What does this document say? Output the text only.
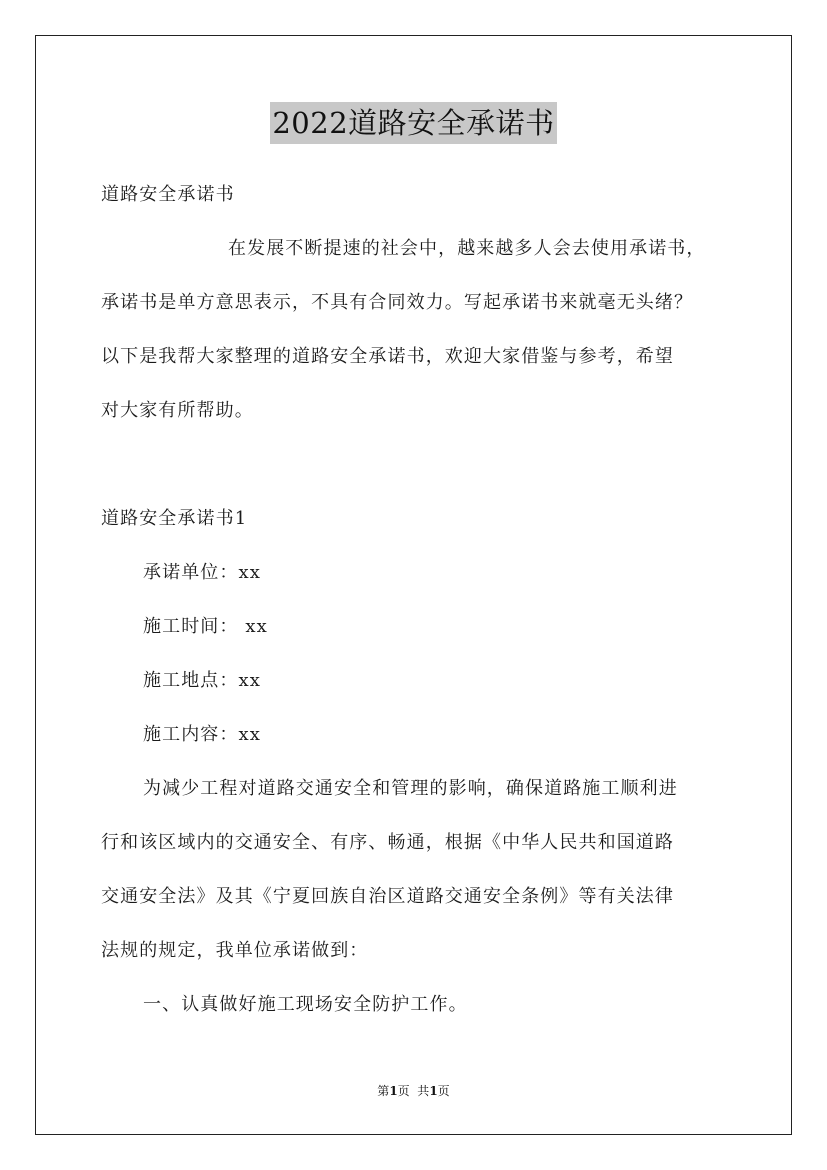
2022道路安全承诺书
道路安全承诺书
在发展不断提速的社会中，越来越多人会去使用承诺书，
承诺书是单方意思表示，不具有合同效力。写起承诺书来就毫无头绪？
以下是我帮大家整理的道路安全承诺书，欢迎大家借鉴与参考，希望
对大家有所帮助。
道路安全承诺书1
承诺单位：xx
施工时间： xx
施工地点：xx
施工内容：xx
为减少工程对道路交通安全和管理的影响，确保道路施工顺利进
行和该区域内的交通安全、有序、畅通，根据《中华人民共和国道路
交通安全法》及其《宁夏回族自治区道路交通安全条例》等有关法律
法规的规定，我单位承诺做到：
一、认真做好施工现场安全防护工作。
第1页  共1页
